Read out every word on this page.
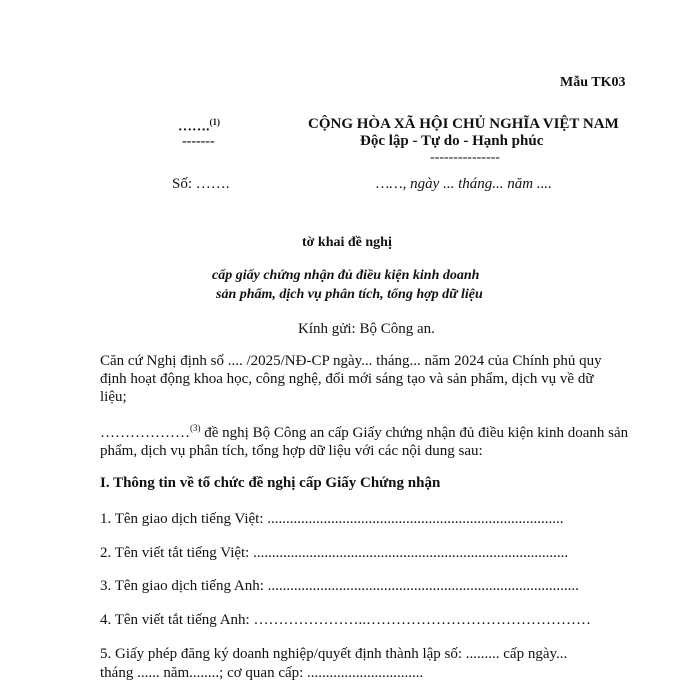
Mẫu TK03
…….$^{(1)}$
-------
CỘNG HÒA XÃ HỘI CHỦ NGHĨA VIỆT NAM
Độc lập - Tự do - Hạnh phúc
---------------
Số: …….	……, ngày ... tháng... năm ....
tờ khai đề nghị
cấp giấy chứng nhận đủ điều kiện kinh doanh
sản phẩm, dịch vụ phân tích, tổng hợp dữ liệu
Kính gửi: Bộ Công an.
Căn cứ Nghị định số .... /2025/NĐ-CP ngày... tháng... năm 2024 của Chính phủ quy
định hoạt động khoa học, công nghệ, đổi mới sáng tạo và sản phẩm, dịch vụ về dữ
liệu;
………………$^{(3)}$ đề nghị Bộ Công an cấp Giấy chứng nhận đủ điều kiện kinh doanh sản
phẩm, dịch vụ phân tích, tổng hợp dữ liệu với các nội dung sau:
I. Thông tin về tổ chức đề nghị cấp Giấy Chứng nhận
1. Tên giao dịch tiếng Việt: ...............................................................................
2. Tên viết tắt tiếng Việt: ....................................................................................
3. Tên giao dịch tiếng Anh: ...................................................................................
4. Tên viết tắt tiếng Anh: …………………..………………………………………
5. Giấy phép đăng ký doanh nghiệp/quyết định thành lập số: ......... cấp ngày...
tháng ...... năm........; cơ quan cấp: ...............................
